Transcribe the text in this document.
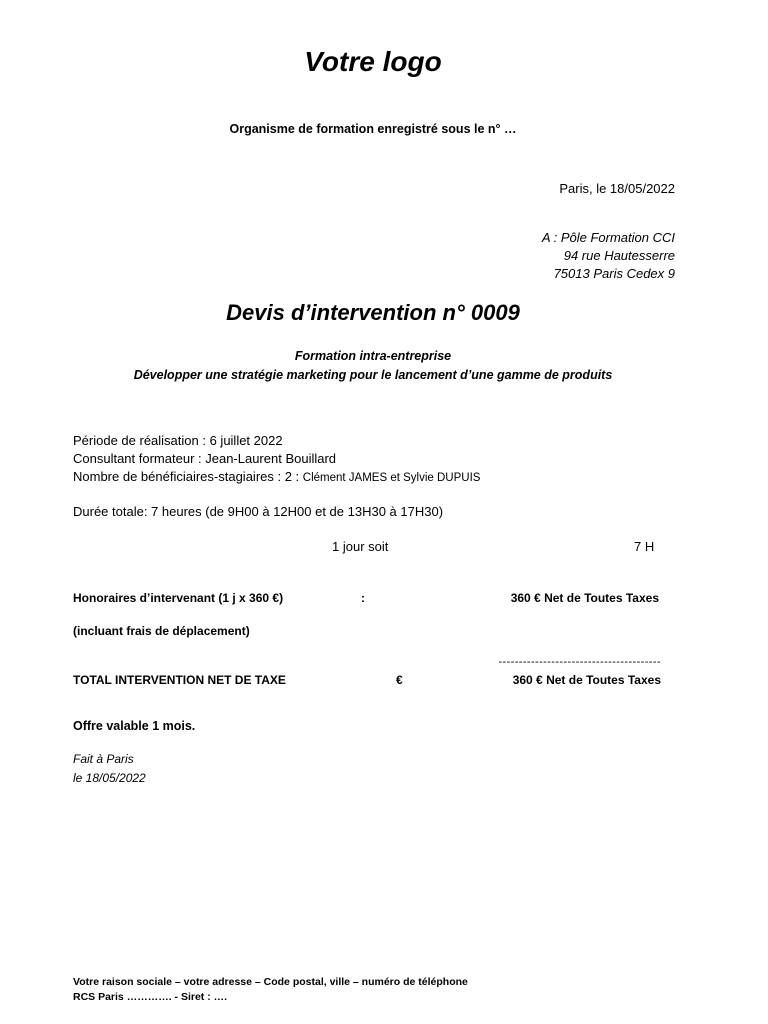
Votre logo
Organisme de formation enregistré sous le n° …
Paris, le 18/05/2022
A : Pôle Formation CCI
94 rue Hautesserre
75013 Paris Cedex 9
Devis d’intervention n° 0009
Formation intra-entreprise
Développer une stratégie marketing pour le lancement d’une gamme de produits
Période de réalisation : 6 juillet 2022
Consultant formateur : Jean-Laurent Bouillard
Nombre de bénéficiaires-stagiaires : 2 : Clément JAMES et Sylvie DUPUIS
Durée totale: 7 heures (de 9H00 à 12H00 et de 13H30 à 17H30)
1 jour soit	7 H
Honoraires d’intervenant (1 j x 360 €)	:	360 € Net de Toutes Taxes
(incluant frais de déplacement)
----------------------------------------
TOTAL INTERVENTION NET DE TAXE	€	360 € Net de Toutes Taxes
Offre valable 1 mois.
Fait à Paris
le 18/05/2022
Votre raison sociale – votre adresse – Code postal, ville – numéro de téléphone
RCS Paris …………. - Siret : ….
